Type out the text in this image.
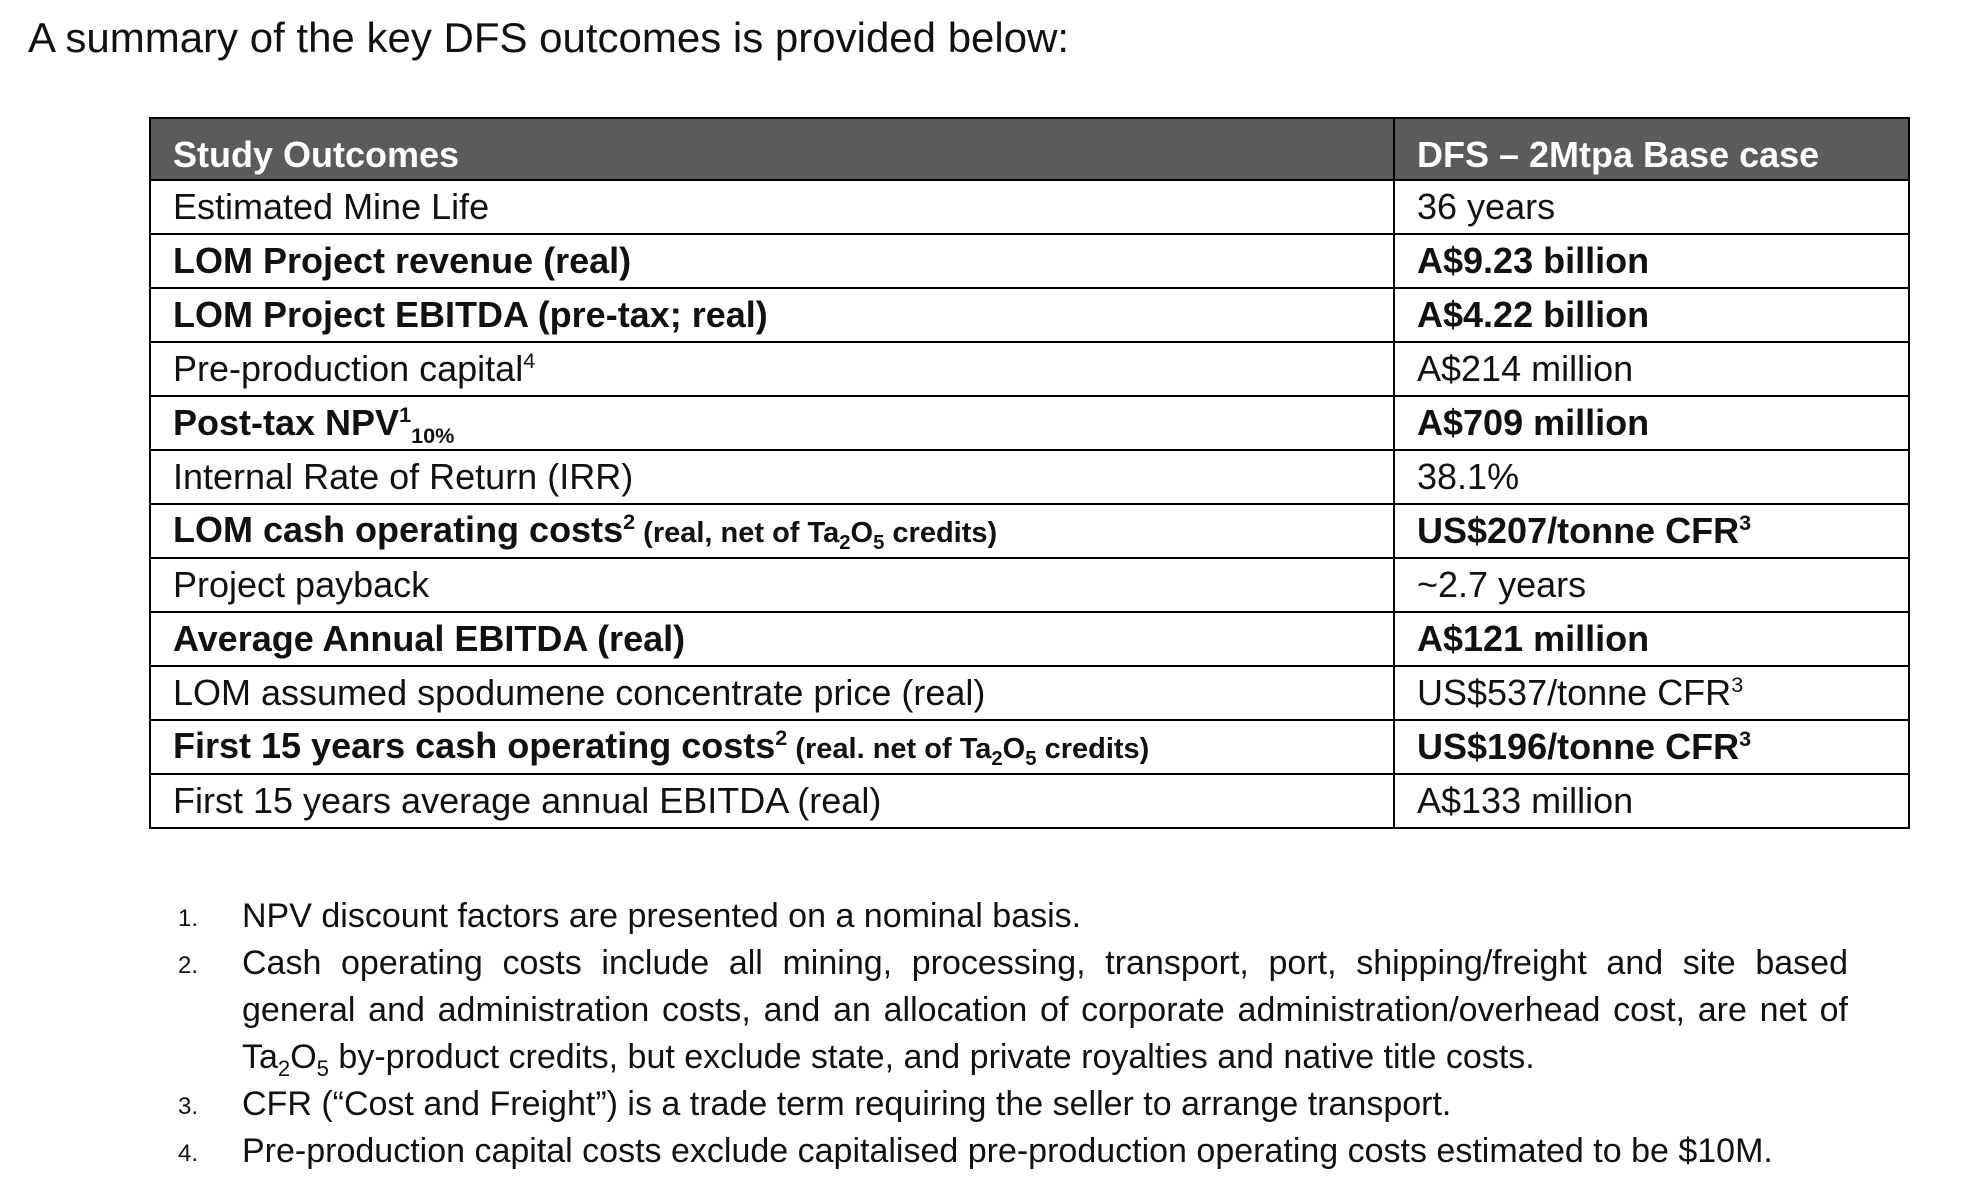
A summary of the key DFS outcomes is provided below:
Study Outcomes	DFS – 2Mtpa Base case
Estimated Mine Life	36 years
LOM Project revenue (real)	A$9.23 billion
LOM Project EBITDA (pre-tax; real)	A$4.22 billion
Pre-production capital$^4$	A$214 million
Post-tax $NPV^1_{10\%}$	A$709 million
Internal Rate of Return (IRR)	38.1%
LOM cash operating costs$^2$ (real, net of $Ta_2O_5$ credits)	US$207/tonne CFR$^3$
Project payback	~2.7 years
Average Annual EBITDA (real)	A$121 million
LOM assumed spodumene concentrate price (real)	US$537/tonne CFR$^3$
First 15 years cash operating costs$^2$ (real. net of $Ta_2O_5$ credits)	US$196/tonne CFR$^3$
First 15 years average annual EBITDA (real)	A$133 million
1. NPV discount factors are presented on a nominal basis.
2. Cash operating costs include all mining, processing, transport, port, shipping/freight and site based general and administration costs, and an allocation of corporate administration/overhead cost, are net of $Ta_2O_5$ by-product credits, but exclude state, and private royalties and native title costs.
3. CFR (“Cost and Freight”) is a trade term requiring the seller to arrange transport.
4. Pre-production capital costs exclude capitalised pre-production operating costs estimated to be $10M.
